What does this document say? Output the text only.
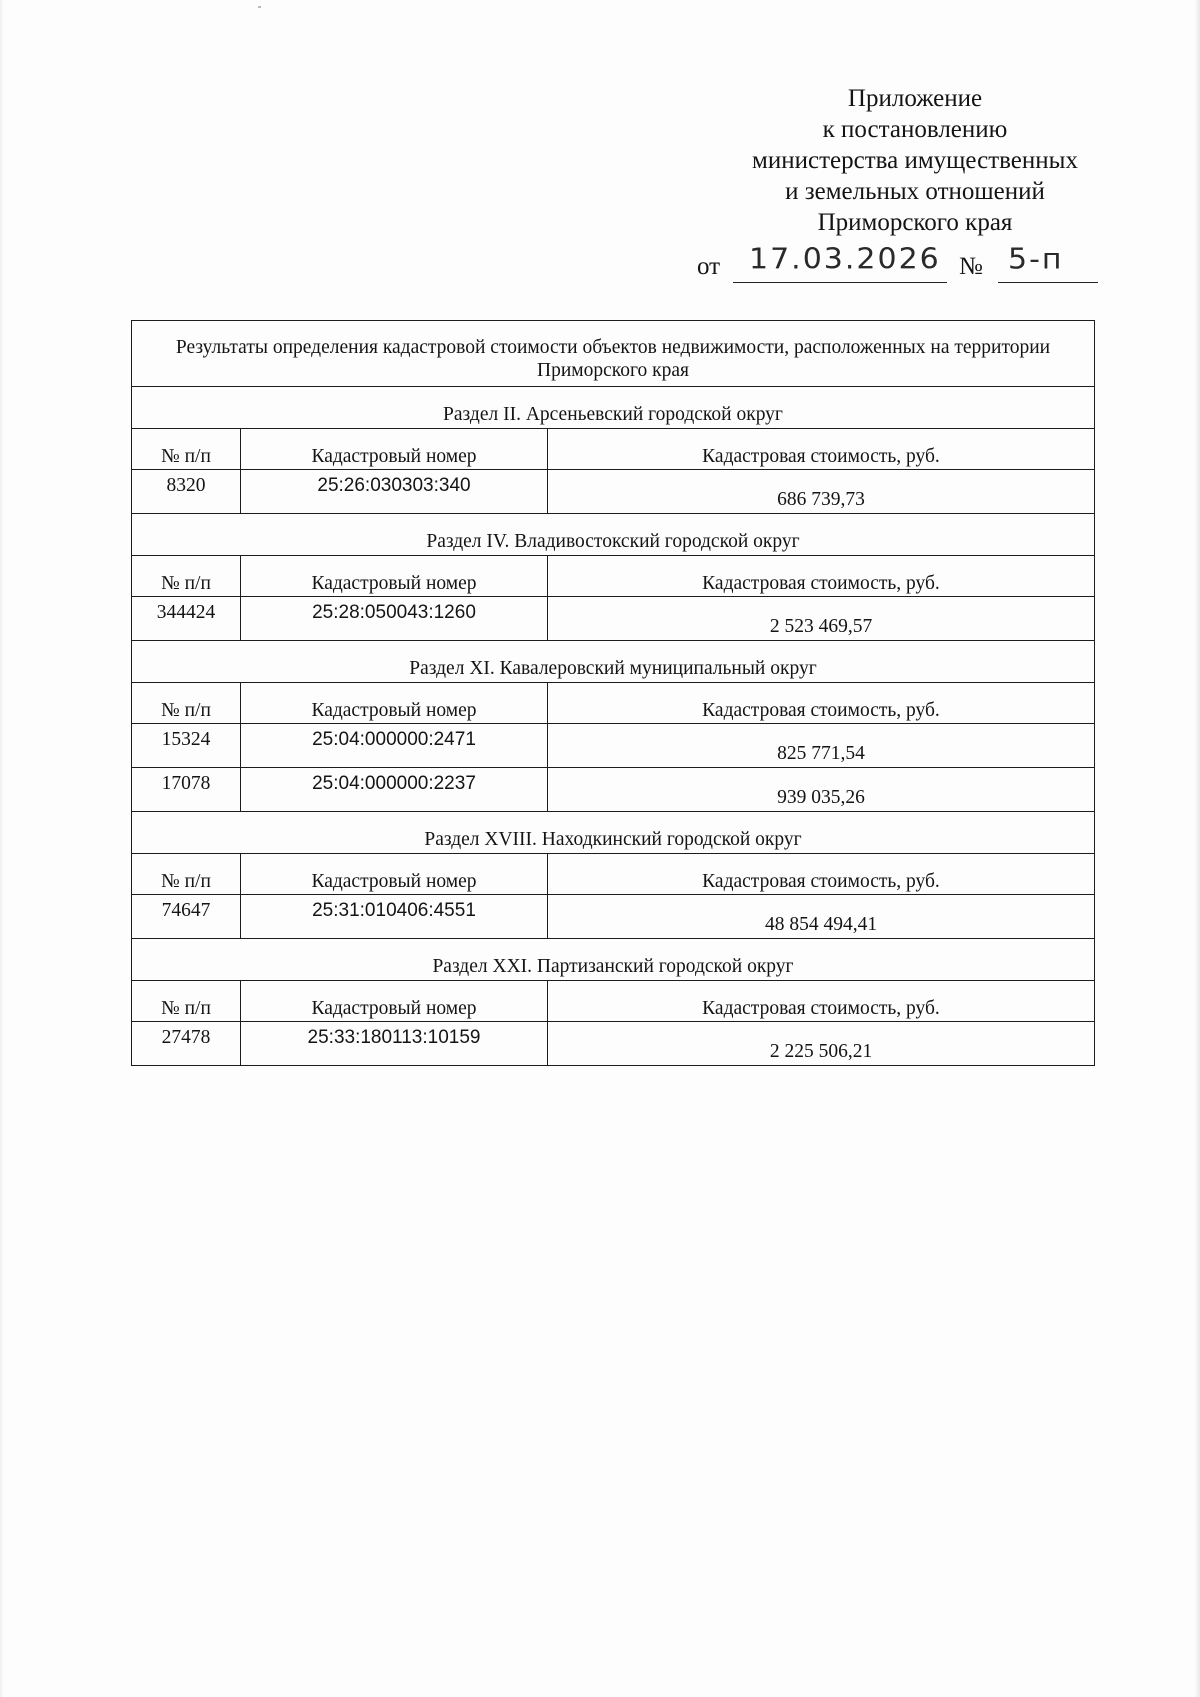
Приложение
к постановлению
министерства имущественных
и земельных отношений
Приморского края
от 17.03.2026 № 5-п
Результаты определения кадастровой стоимости объектов недвижимости, расположенных на территории Приморского края		
Раздел II. Арсеньевский городской округ		
№ п/п	Кадастровый номер	Кадастровая стоимость, руб.
8320	25:26:030303:340	686 739,73
Раздел IV. Владивостокский городской округ		
№ п/п	Кадастровый номер	Кадастровая стоимость, руб.
344424	25:28:050043:1260	2 523 469,57
Раздел XI. Кавалеровский муниципальный округ		
№ п/п	Кадастровый номер	Кадастровая стоимость, руб.
15324	25:04:000000:2471	825 771,54
17078	25:04:000000:2237	939 035,26
Раздел XVIII. Находкинский городской округ		
№ п/п	Кадастровый номер	Кадастровая стоимость, руб.
74647	25:31:010406:4551	48 854 494,41
Раздел XXI. Партизанский городской округ		
№ п/п	Кадастровый номер	Кадастровая стоимость, руб.
27478	25:33:180113:10159	2 225 506,21
